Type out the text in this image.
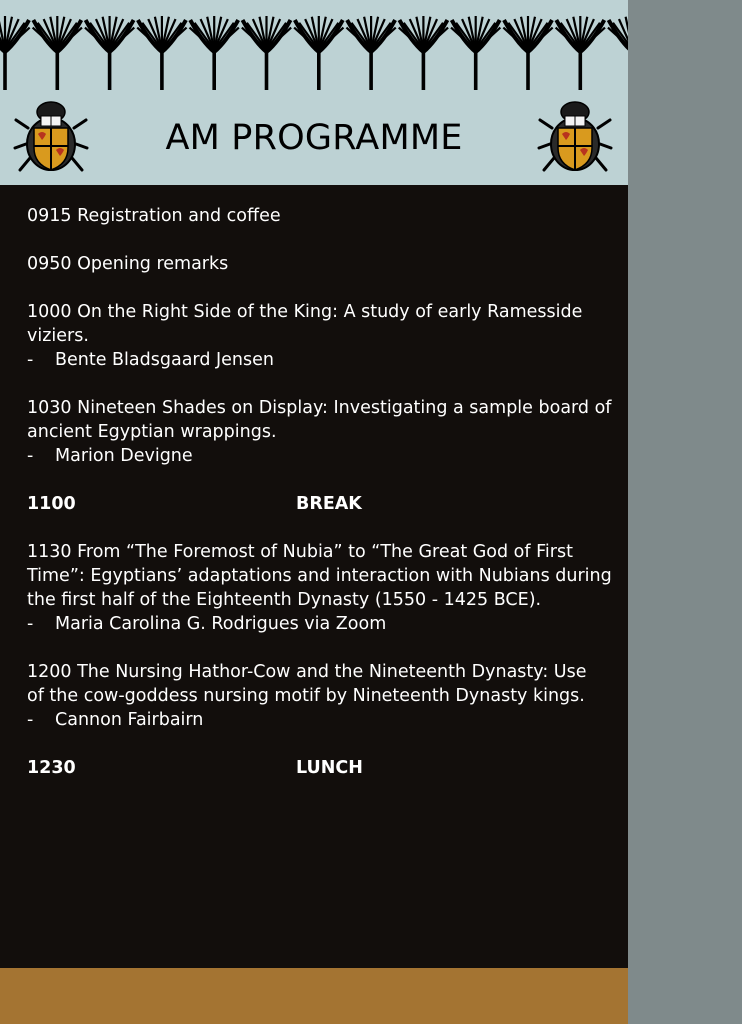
AM PROGRAMME
0915 Registration and coffee
0950 Opening remarks
1000 On the Right Side of the King: A study of early Ramesside
viziers.
- Bente Bladsgaard Jensen
1030 Nineteen Shades on Display: Investigating a sample board of
ancient Egyptian wrappings.
- Marion Devigne
1100	BREAK
1130 From “The Foremost of Nubia” to “The Great God of First
Time”: Egyptians’ adaptations and interaction with Nubians during
the first half of the Eighteenth Dynasty (1550 - 1425 BCE).
- Maria Carolina G. Rodrigues via Zoom
1200 The Nursing Hathor-Cow and the Nineteenth Dynasty: Use
of the cow-goddess nursing motif by Nineteenth Dynasty kings.
- Cannon Fairbairn
1230	LUNCH
